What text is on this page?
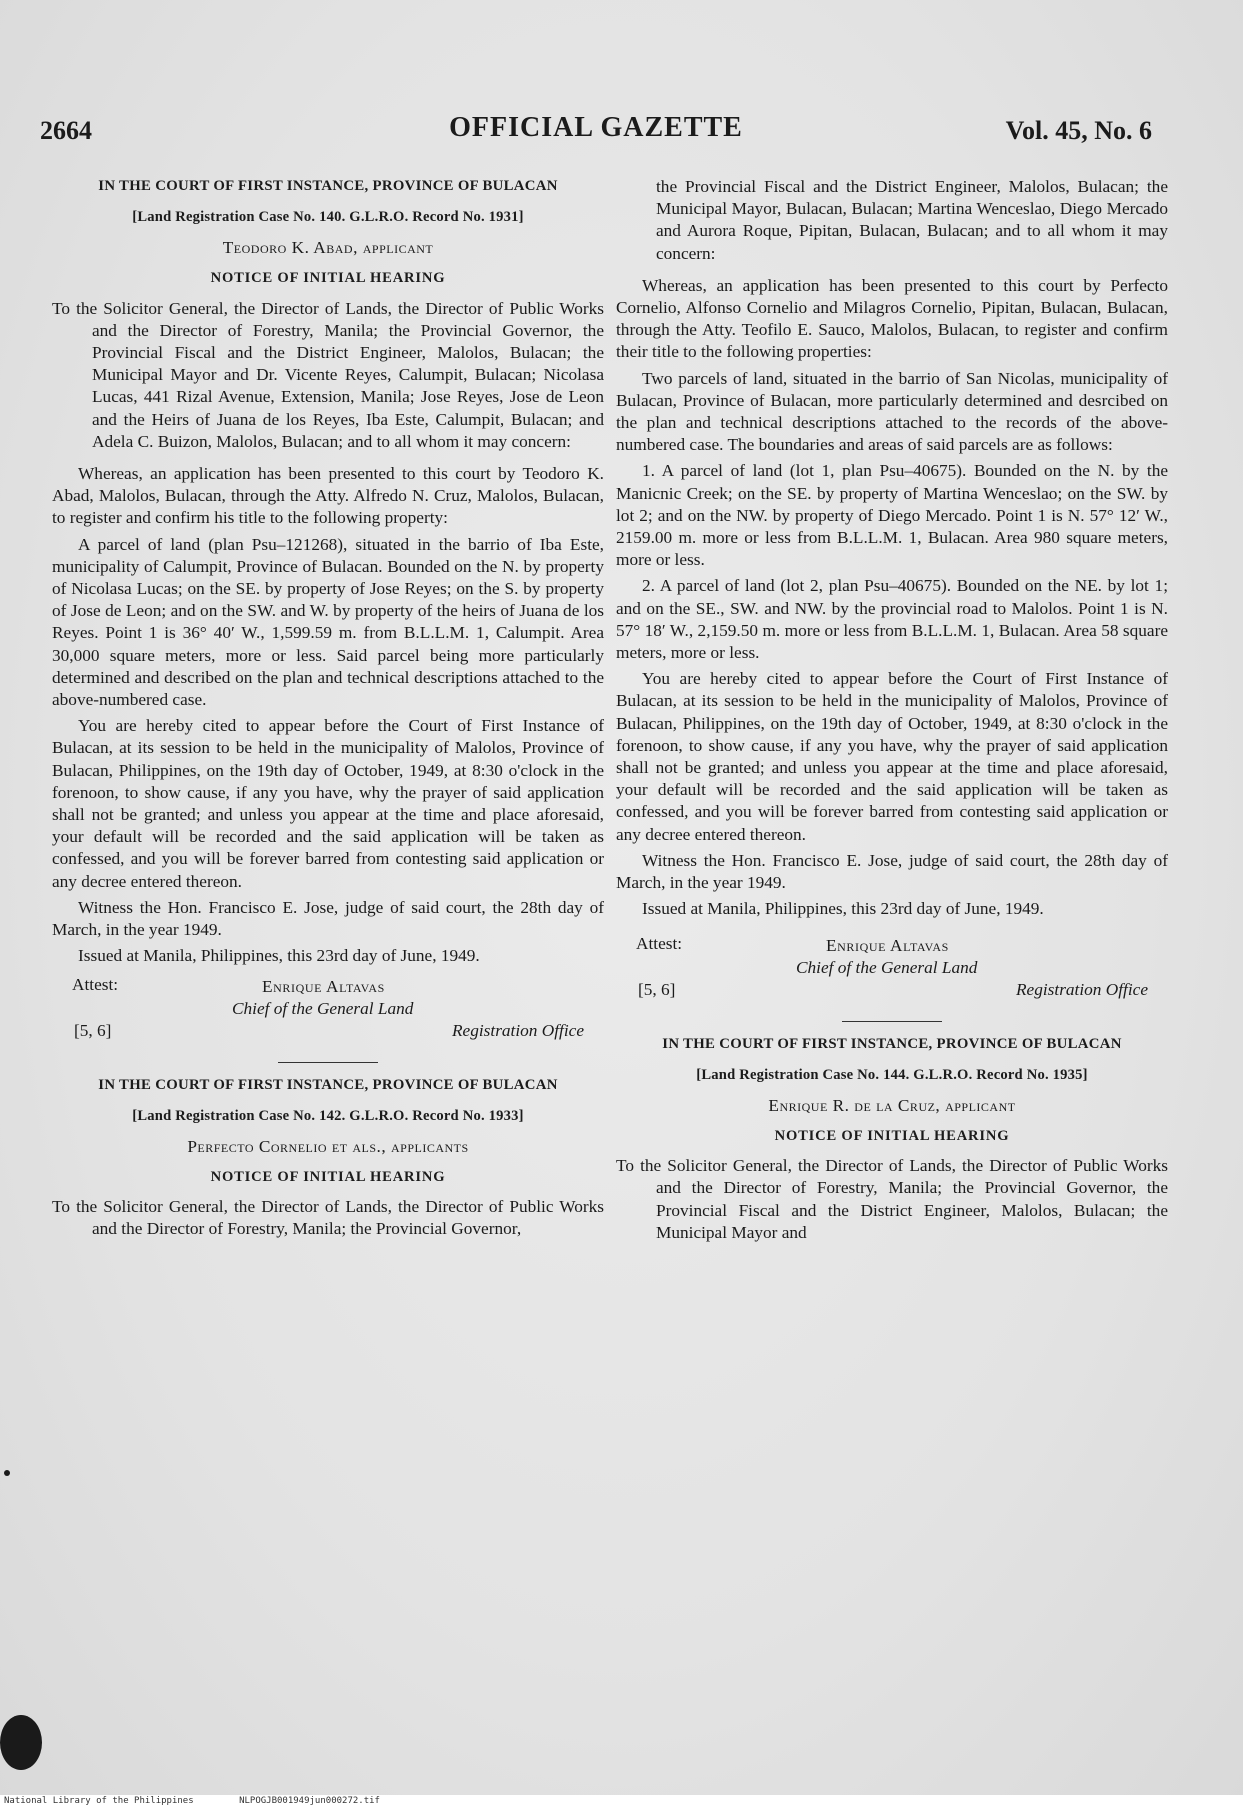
2664	OFFICIAL GAZETTE	Vol. 45, No. 6
IN THE COURT OF FIRST INSTANCE, PROVINCE OF BULACAN
[Land Registration Case No. 140. G.L.R.O. Record No. 1931]
Teodoro K. Abad, applicant
NOTICE OF INITIAL HEARING
To the Solicitor General, the Director of Lands, the Director of Public Works and the Director of Forestry, Manila; the Provincial Governor, the Provincial Fiscal and the District Engineer, Malolos, Bulacan; the Municipal Mayor and Dr. Vicente Reyes, Calumpit, Bulacan; Nicolasa Lucas, 441 Rizal Avenue, Extension, Manila; Jose Reyes, Jose de Leon and the Heirs of Juana de los Reyes, Iba Este, Calumpit, Bulacan; and Adela C. Buizon, Malolos, Bulacan; and to all whom it may concern:
Whereas, an application has been presented to this court by Teodoro K. Abad, Malolos, Bulacan, through the Atty. Alfredo N. Cruz, Malolos, Bulacan, to register and confirm his title to the following property:
A parcel of land (plan Psu–121268), situated in the barrio of Iba Este, municipality of Calumpit, Province of Bulacan. Bounded on the N. by property of Nicolasa Lucas; on the SE. by property of Jose Reyes; on the S. by property of Jose de Leon; and on the SW. and W. by property of the heirs of Juana de los Reyes. Point 1 is 36° 40′ W., 1,599.59 m. from B.L.L.M. 1, Calumpit. Area 30,000 square meters, more or less. Said parcel being more particularly determined and described on the plan and technical descriptions attached to the above-numbered case.
You are hereby cited to appear before the Court of First Instance of Bulacan, at its session to be held in the municipality of Malolos, Province of Bulacan, Philippines, on the 19th day of October, 1949, at 8:30 o'clock in the forenoon, to show cause, if any you have, why the prayer of said application shall not be granted; and unless you appear at the time and place aforesaid, your default will be recorded and the said application will be taken as confessed, and you will be forever barred from contesting said application or any decree entered thereon.
Witness the Hon. Francisco E. Jose, judge of said court, the 28th day of March, in the year 1949.
Issued at Manila, Philippines, this 23rd day of June, 1949.
Attest:	Enrique Altavas
Chief of the General Land
[5, 6]	Registration Office
IN THE COURT OF FIRST INSTANCE, PROVINCE OF BULACAN
[Land Registration Case No. 142. G.L.R.O. Record No. 1933]
Perfecto Cornelio et als., applicants
NOTICE OF INITIAL HEARING
To the Solicitor General, the Director of Lands, the Director of Public Works and the Director of Forestry, Manila; the Provincial Governor,
the Provincial Fiscal and the District Engineer, Malolos, Bulacan; the Municipal Mayor, Bulacan, Bulacan; Martina Wenceslao, Diego Mercado and Aurora Roque, Pipitan, Bulacan, Bulacan; and to all whom it may concern:
Whereas, an application has been presented to this court by Perfecto Cornelio, Alfonso Cornelio and Milagros Cornelio, Pipitan, Bulacan, Bulacan, through the Atty. Teofilo E. Sauco, Malolos, Bulacan, to register and confirm their title to the following properties:
Two parcels of land, situated in the barrio of San Nicolas, municipality of Bulacan, Province of Bulacan, more particularly determined and desrcibed on the plan and technical descriptions attached to the records of the above-numbered case. The boundaries and areas of said parcels are as follows:
1. A parcel of land (lot 1, plan Psu–40675). Bounded on the N. by the Manicnic Creek; on the SE. by property of Martina Wenceslao; on the SW. by lot 2; and on the NW. by property of Diego Mercado. Point 1 is N. 57° 12′ W., 2159.00 m. more or less from B.L.L.M. 1, Bulacan. Area 980 square meters, more or less.
2. A parcel of land (lot 2, plan Psu–40675). Bounded on the NE. by lot 1; and on the SE., SW. and NW. by the provincial road to Malolos. Point 1 is N. 57° 18′ W., 2,159.50 m. more or less from B.L.L.M. 1, Bulacan. Area 58 square meters, more or less.
You are hereby cited to appear before the Court of First Instance of Bulacan, at its session to be held in the municipality of Malolos, Province of Bulacan, Philippines, on the 19th day of October, 1949, at 8:30 o'clock in the forenoon, to show cause, if any you have, why the prayer of said application shall not be granted; and unless you appear at the time and place aforesaid, your default will be recorded and the said application will be taken as confessed, and you will be forever barred from contesting said application or any decree entered thereon.
Witness the Hon. Francisco E. Jose, judge of said court, the 28th day of March, in the year 1949.
Issued at Manila, Philippines, this 23rd day of June, 1949.
Attest:	Enrique Altavas
Chief of the General Land
[5, 6]	Registration Office
IN THE COURT OF FIRST INSTANCE, PROVINCE OF BULACAN
[Land Registration Case No. 144. G.L.R.O. Record No. 1935]
Enrique R. de la Cruz, applicant
NOTICE OF INITIAL HEARING
To the Solicitor General, the Director of Lands, the Director of Public Works and the Director of Forestry, Manila; the Provincial Governor, the Provincial Fiscal and the District Engineer, Malolos, Bulacan; the Municipal Mayor and
National Library of the Philippines	NLPOGJB001949jun000272.tif
